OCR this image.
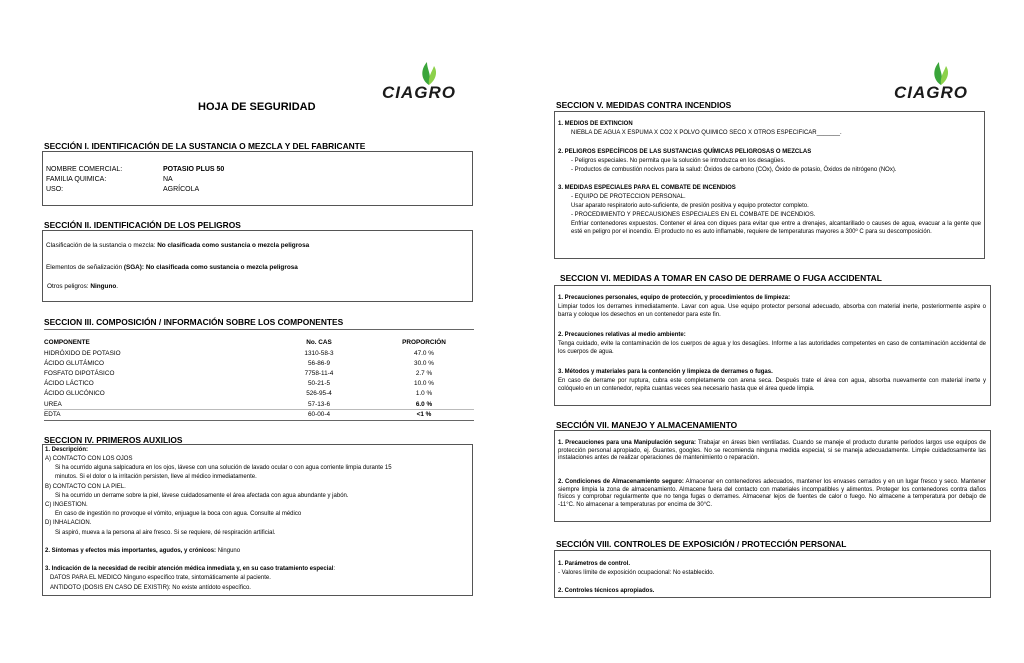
CIAGRO
HOJA DE SEGURIDAD
SECCIÓN I. IDENTIFICACIÓN DE LA SUSTANCIA O MEZCLA Y DEL FABRICANTE
NOMBRE COMERCIAL:	POTASIO PLUS 50
FAMILIA QUIMICA:	NA
USO:	AGRÍCOLA
SECCIÓN II. IDENTIFICACIÓN DE LOS PELIGROS
Clasificación de la sustancia o mezcla: No clasificada como sustancia o mezcla peligrosa
Elementos de señalización (SGA): No clasificada como sustancia o mezcla peligrosa
Otros peligros: Ninguno.
SECCION III. COMPOSICIÓN / INFORMACIÓN SOBRE LOS COMPONENTES
COMPONENTE	No. CAS	PROPORCIÓN
HIDRÓXIDO DE POTASIO	1310-58-3	47.0 %
ÁCIDO GLUTÁMICO	56-86-9	30.0 %
FOSFATO DIPOTÁSICO	7758-11-4	2.7 %
ÁCIDO LÁCTICO	50-21-5	10.0 %
ÁCIDO GLUCÓNICO	526-95-4	1.0 %
UREA	57-13-6	6.0 %
EDTA	60-00-4	<1 %
SECCION IV. PRIMEROS AUXILIOS
1. Descripción:
A) CONTACTO CON LOS OJOS
Si ha ocurrido alguna salpicadura en los ojos, lávese con una solución de lavado ocular o con agua corriente limpia durante 15
minutos. Si el dolor o la irritación persisten, lleve al médico inmediatamente.
B) CONTACTO CON LA PIEL.
Si ha ocurrido un derrame sobre la piel, lávese cuidadosamente el área afectada con agua abundante y jabón.
C) INGESTION.
En caso de ingestión no provoque el vómito, enjuague la boca con agua. Consulte al médico
D) INHALACION.
Si aspiró, mueva a la persona al aire fresco. Si se requiere, dé respiración artificial.
2. Síntomas y efectos más importantes, agudos, y crónicos: Ninguno
3. Indicación de la necesidad de recibir atención médica inmediata y, en su caso tratamiento especial:
DATOS PARA EL MEDICO Ninguno específico trate, sintomáticamente al paciente.
ANTIDOTO (DOSIS EN CASO DE EXISTIR): No existe antídoto específico.
CIAGRO
SECCION V. MEDIDAS CONTRA INCENDIOS
1. MEDIOS DE EXTINCION
NIEBLA DE AGUA X ESPUMA X CO2 X POLVO QUIMICO SECO X OTROS ESPECIFICAR_______.
2. PELIGROS ESPECÍFICOS DE LAS SUSTANCIAS QUÍMICAS PELIGROSAS O MEZCLAS
- Peligros especiales. No permita que la solución se introduzca en los desagües.
- Productos de combustión nocivos para la salud: Óxidos de carbono (COx), Óxido de potasio, Óxidos de nitrógeno (NOx).
3. MEDIDAS ESPECIALES PARA EL COMBATE DE INCENDIOS
- EQUIPO DE PROTECCION PERSONAL.
Usar aparato respiratorio auto-suficiente, de presión positiva y equipo protector completo.
- PROCEDIMIENTO Y PRECAUSIONES ESPECIALES EN EL COMBATE DE INCENDIOS.
Enfriar contenedores expuestos. Contener el área con diques para evitar que entre a drenajes, alcantarillado o causes de agua, evacuar a la gente que esté en peligro por el incendio. El producto no es auto inflamable, requiere de temperaturas mayores a 300º C para su descomposición.
SECCION VI. MEDIDAS A TOMAR EN CASO DE DERRAME O FUGA ACCIDENTAL
1. Precauciones personales, equipo de protección, y procedimientos de limpieza:
Limpiar todos los derrames inmediatamente. Lavar con agua. Use equipo protector personal adecuado, absorba con material inerte, posteriormente aspire o barra y coloque los desechos en un contenedor para este fin.
2. Precauciones relativas al medio ambiente:
Tenga cuidado, evite la contaminación de los cuerpos de agua y los desagües. Informe a las autoridades competentes en caso de contaminación accidental de los cuerpos de agua.
3. Métodos y materiales para la contención y limpieza de derrames o fugas.
En caso de derrame por ruptura, cubra este completamente con arena seca. Después trate el área con agua, absorba nuevamente con material inerte y colóquelo en un contenedor, repita cuantas veces sea necesario hasta que el área quede limpia.
SECCIÓN VII. MANEJO Y ALMACENAMIENTO
1. Precauciones para una Manipulación segura: Trabajar en áreas bien ventiladas. Cuando se maneje el producto durante periodos largos use equipos de protección personal apropiado, ej. Guantes, googles. No se recomienda ninguna medida especial, si se maneja adecuadamente. Limpie cuidadosamente las instalaciones antes de realizar operaciones de mantenimiento o reparación.
2. Condiciones de Almacenamiento seguro: Almacenar en contenedores adecuados, mantener los envases cerrados y en un lugar fresco y seco. Mantener siempre limpia la zona de almacenamiento. Almacene fuera del contacto con materiales incompatibles y alimentos. Proteger los contenedores contra daños físicos y comprobar regularmente que no tenga fugas o derrames. Almacenar lejos de fuentes de calor o fuego. No almacene a temperatura por debajo de -11°C. No almacenar a temperaturas por encima de 30°C.
SECCIÓN VIII. CONTROLES DE EXPOSICIÓN / PROTECCIÓN PERSONAL
1. Parámetros de control.
- Valores límite de exposición ocupacional: No establecido.
2. Controles técnicos apropiados.
